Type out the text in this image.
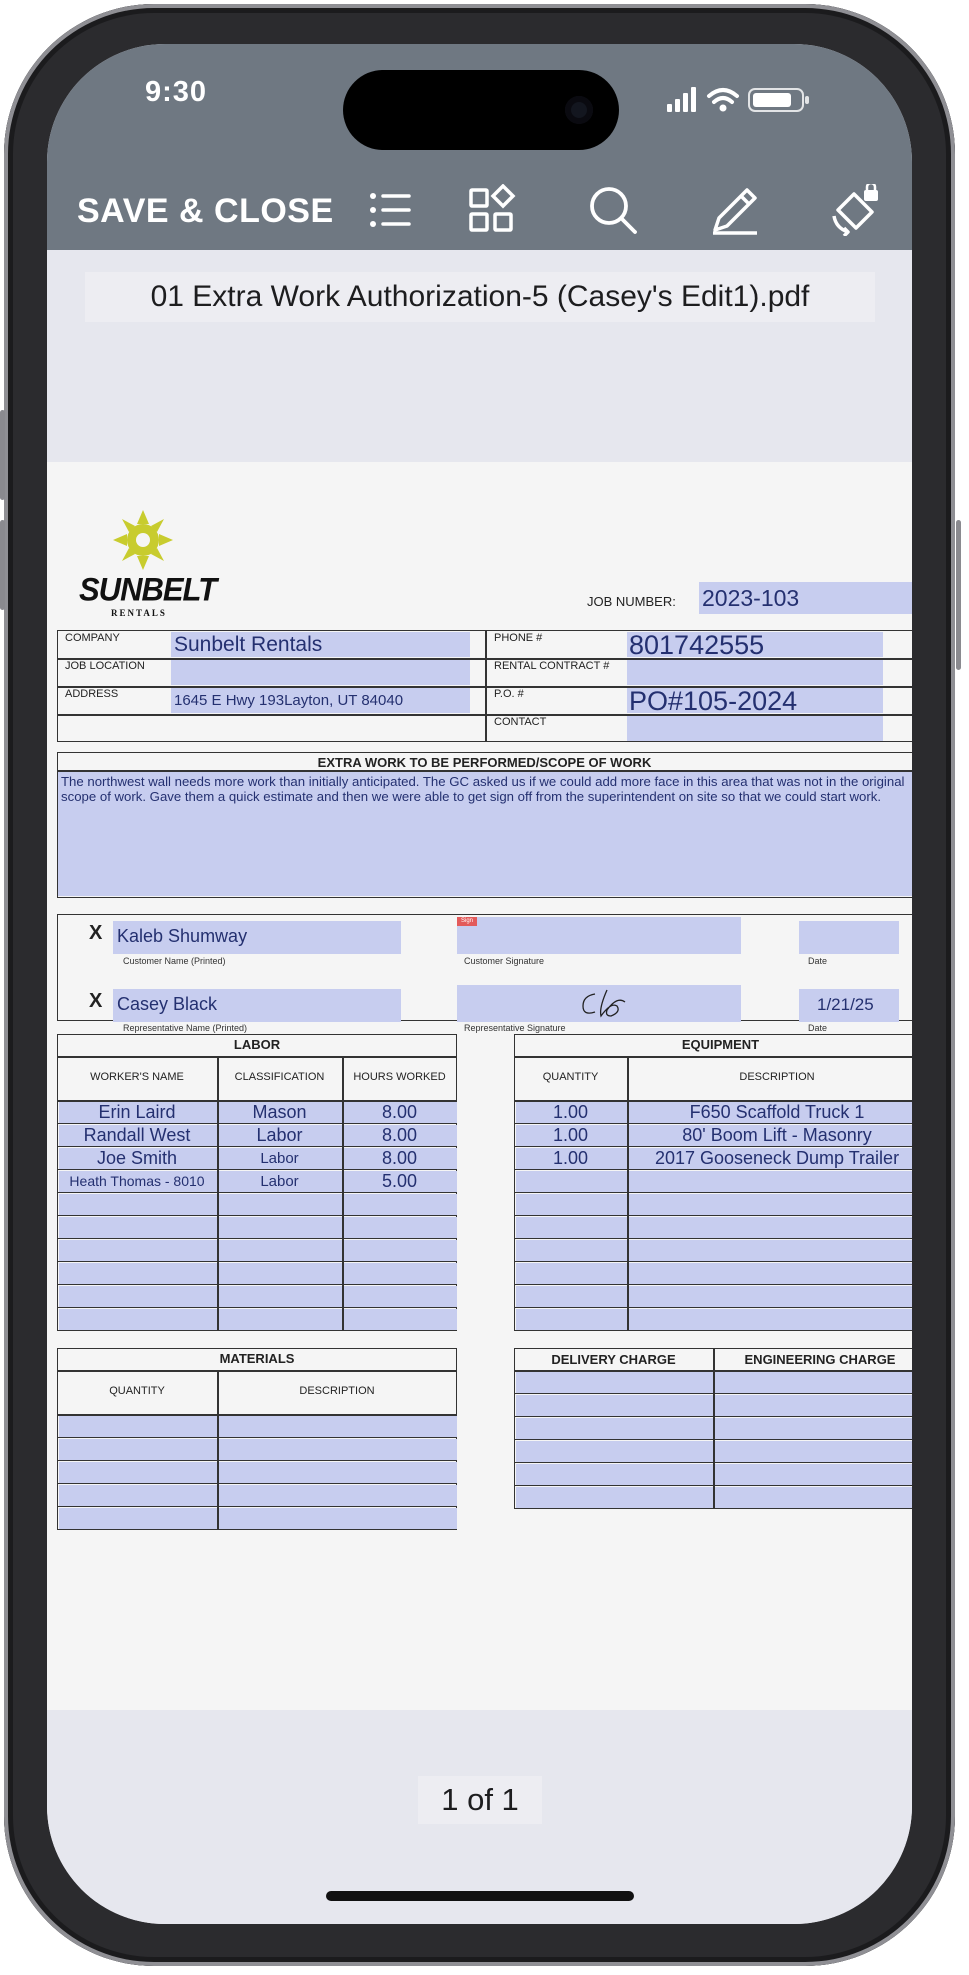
9:30
SAVE & CLOSE
01 Extra Work Authorization-5 (Casey's Edit1).pdf
SUNBELT
RENTALS
JOB NUMBER: 2023-103
COMPANY	Sunbelt Rentals
JOB LOCATION
ADDRESS	1645 E Hwy 193Layton, UT 84040
PHONE #	801742555
RENTAL CONTRACT #
P.O. #	PO#105-2024
CONTACT
EXTRA WORK TO BE PERFORMED/SCOPE OF WORK
The northwest wall needs more work than initially anticipated. The GC asked us if we could add more face in this area that was not in the original scope of work. Gave them a quick estimate and then we were able to get sign off from the superintendent on site so that we could start work.
X Kaleb Shumway
Customer Name (Printed)
Sign
Customer Signature	Date
X Casey Black
Representative Name (Printed)	Representative Signature
1/21/25
Date
LABOR
WORKER'S NAME	CLASSIFICATION	HOURS WORKED
Erin Laird	Mason	8.00
Randall West	Labor	8.00
Joe Smith	Labor	8.00
Heath Thomas - 8010	Labor	5.00
EQUIPMENT
QUANTITY	DESCRIPTION
1.00	F650 Scaffold Truck 1
1.00	80' Boom Lift - Masonry
1.00	2017 Gooseneck Dump Trailer
MATERIALS
QUANTITY	DESCRIPTION
DELIVERY CHARGE	ENGINEERING CHARGE
1 of 1
